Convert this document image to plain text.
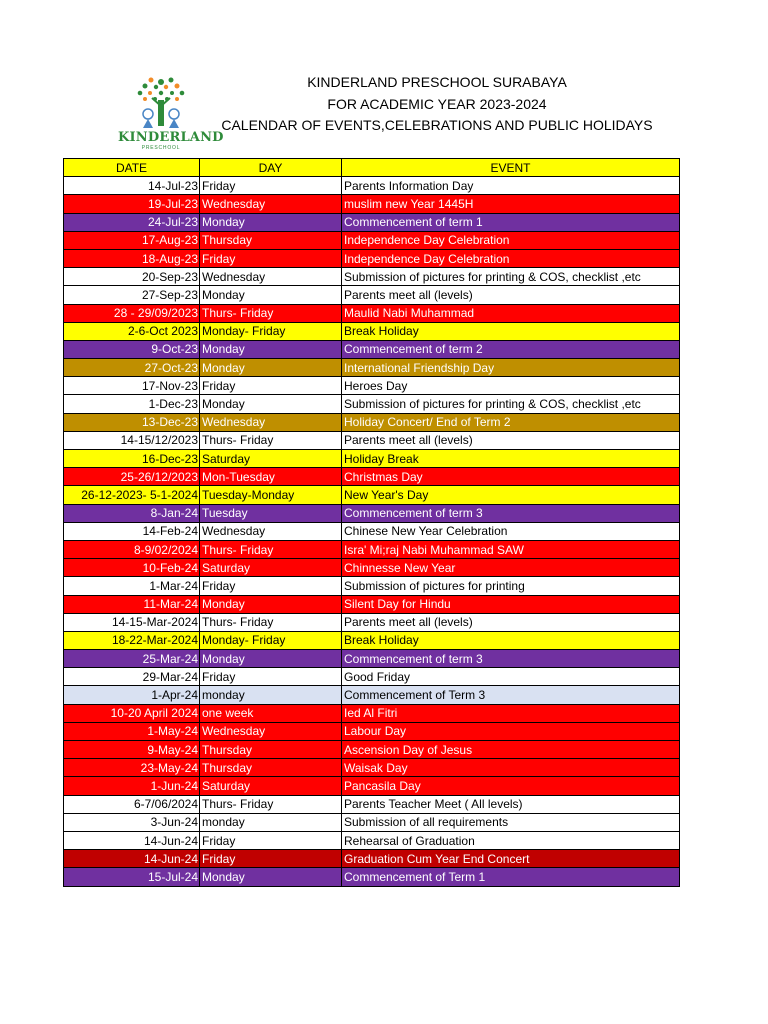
KINDERLAND
PRESCHOOL
KINDERLAND PRESCHOOL SURABAYA
FOR ACADEMIC YEAR 2023-2024
CALENDAR OF EVENTS,CELEBRATIONS AND PUBLIC HOLIDAYS
DATE	DAY	EVENT
14-Jul-23	Friday	Parents Information Day
19-Jul-23	Wednesday	muslim new Year 1445H
24-Jul-23	Monday	Commencement of term 1
17-Aug-23	Thursday	Independence Day Celebration
18-Aug-23	Friday	Independence Day Celebration
20-Sep-23	Wednesday	Submission of pictures for printing & COS, checklist ,etc
27-Sep-23	Monday	Parents meet all (levels)
28 - 29/09/2023	Thurs- Friday	Maulid Nabi Muhammad
2-6-Oct 2023	Monday- Friday	Break Holiday
9-Oct-23	Monday	Commencement of term 2
27-Oct-23	Monday	International Friendship Day
17-Nov-23	Friday	Heroes Day
1-Dec-23	Monday	Submission of pictures for printing & COS, checklist ,etc
13-Dec-23	Wednesday	Holiday Concert/ End of Term 2
14-15/12/2023	Thurs- Friday	Parents meet all (levels)
16-Dec-23	Saturday	Holiday Break
25-26/12/2023	Mon-Tuesday	Christmas Day
26-12-2023- 5-1-2024	Tuesday-Monday	New Year's Day
8-Jan-24	Tuesday	Commencement of term 3
14-Feb-24	Wednesday	Chinese New Year Celebration
8-9/02/2024	Thurs- Friday	Isra' Mi;raj Nabi Muhammad SAW
10-Feb-24	Saturday	Chinnesse New Year
1-Mar-24	Friday	Submission of pictures for printing
11-Mar-24	Monday	Silent Day for Hindu
14-15-Mar-2024	Thurs- Friday	Parents meet all (levels)
18-22-Mar-2024	Monday- Friday	Break Holiday
25-Mar-24	Monday	Commencement of term 3
29-Mar-24	Friday	Good Friday
1-Apr-24	monday	Commencement of Term 3
10-20 April 2024	one week	Ied Al Fitri
1-May-24	Wednesday	Labour Day
9-May-24	Thursday	Ascension Day of Jesus
23-May-24	Thursday	Waisak Day
1-Jun-24	Saturday	Pancasila Day
6-7/06/2024	Thurs- Friday	Parents Teacher Meet ( All levels)
3-Jun-24	monday	Submission of all requirements
14-Jun-24	Friday	Rehearsal of Graduation
14-Jun-24	Friday	Graduation Cum Year End Concert
15-Jul-24	Monday	Commencement of Term 1
